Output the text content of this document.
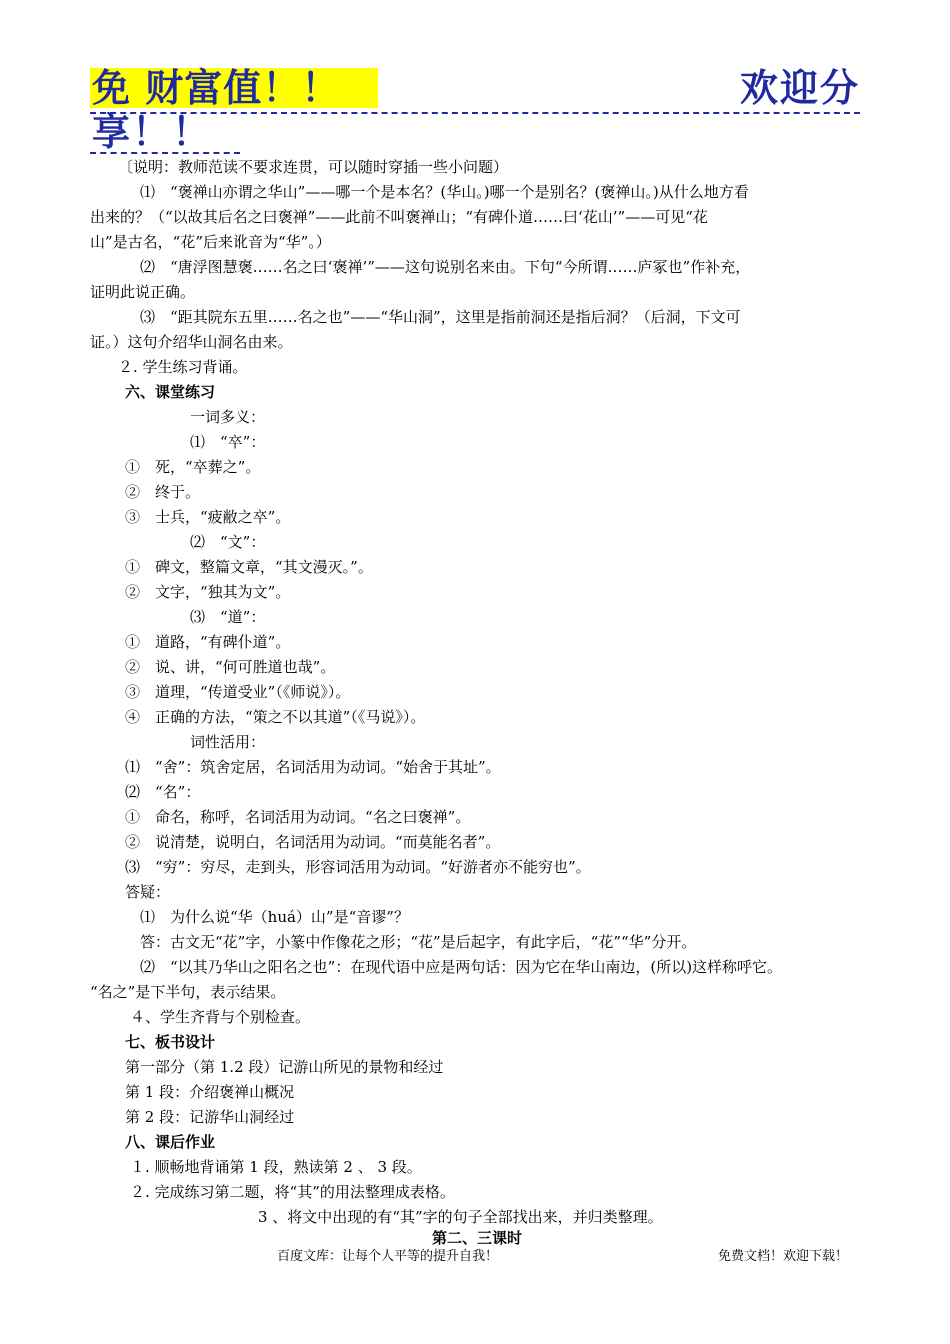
免 财富值！！	欢迎分
享！！
〔说明：教师范读不要求连贯，可以随时穿插一些小问题）
⑴　“褒禅山亦谓之华山”——哪一个是本名？(华山。)哪一个是别名？(褒禅山。)从什么地方看
出来的？（“以故其后名之曰褒禅”——此前不叫褒禅山；“有碑仆道……曰‘花山’”——可见“花
山”是古名，“花”后来讹音为“华”。）
⑵　“唐浮图慧褒……名之曰‘褒禅’”——这句说别名来由。下句“今所谓……庐冢也”作补充，
证明此说正确。
⑶　“距其院东五里……名之也”——“华山洞”，这里是指前洞还是指后洞？（后洞，下文可
证。）这句介绍华山洞名由来。
２. 学生练习背诵。
六、课堂练习
一词多义：
⑴　“卒”：
①　死，“卒葬之”。
②　终于。
③　士兵，“疲敝之卒”。
⑵　“文”：
①　碑文，整篇文章，“其文漫灭。”。
②　文字，“独其为文”。
⑶　“道”：
①　道路，“有碑仆道”。
②　说、讲，“何可胜道也哉”。
③　道理，“传道受业”（《师说》）。
④　正确的方法，“策之不以其道”（《马说》）。
词性活用：
⑴　“舍”：筑舍定居，名词活用为动词。“始舍于其址”。
⑵　“名”：
①　命名，称呼，名词活用为动词。“名之曰褒禅”。
②　说清楚，说明白，名词活用为动词。“而莫能名者”。
⑶　“穷”：穷尽，走到头，形容词活用为动词。“好游者亦不能穷也”。
答疑：
⑴　为什么说“华（huá）山”是“音谬”？
答：古文无“花”字，小篆中作像花之形；“花”是后起字，有此字后，“花”“华”分开。
⑵　“以其乃华山之阳名之也”：在现代语中应是两句话：因为它在华山南边，(所以)这样称呼它。
“名之”是下半句，表示结果。
４、学生齐背与个别检查。
七、板书设计
第一部分（第 1.2 段）记游山所见的景物和经过
第 1 段：介绍褒禅山概况
第 2 段：记游华山洞经过
八、课后作业
１. 顺畅地背诵第 1 段，熟读第 2 、 3 段。
２. 完成练习第二题，将“其”的用法整理成表格。
3 、将文中出现的有“其”字的句子全部找出来，并归类整理。
第二、三课时
百度文库：让每个人平等的提升自我！	免费文档！欢迎下载！
